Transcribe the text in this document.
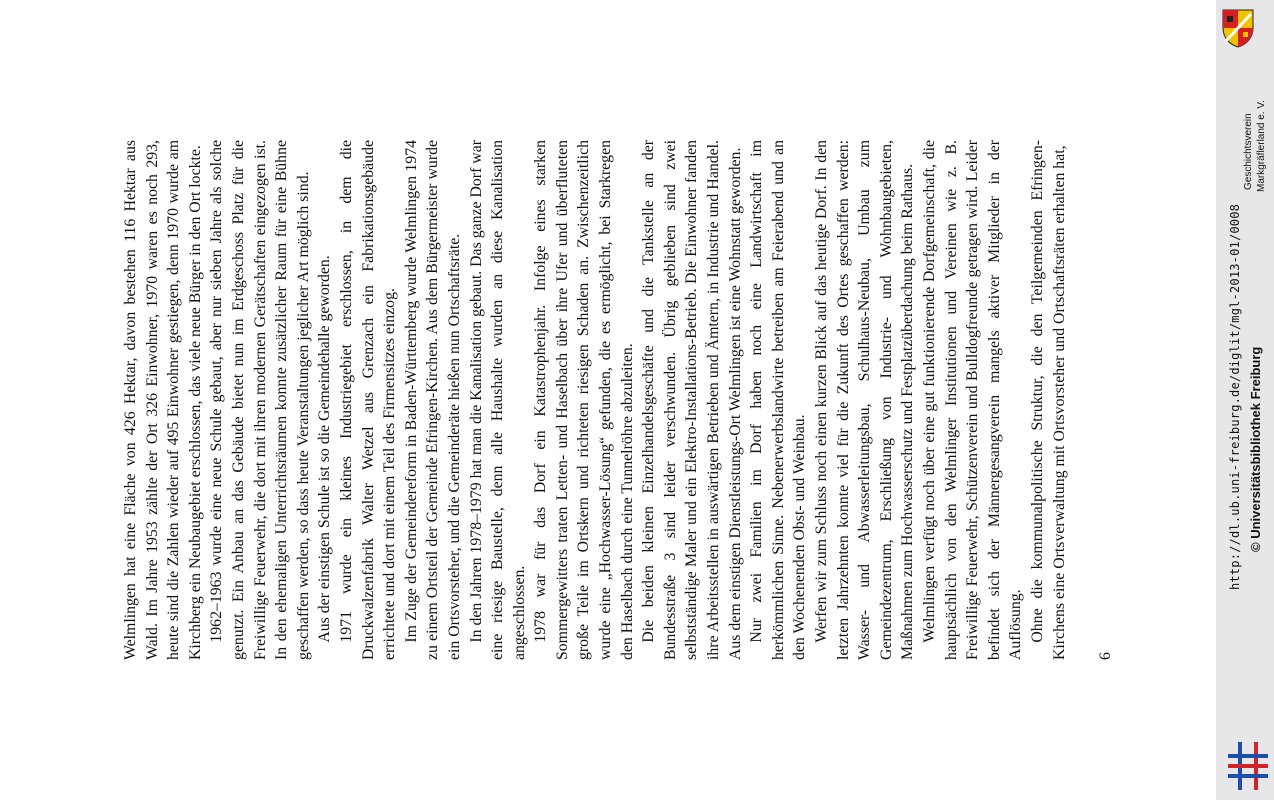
Welmlingen hat eine Fläche von 426 Hektar, davon bestehen 116 Hektar aus Wald. Im Jahre 1953 zählte der Ort 326 Einwohner, 1970 waren es noch 293, heute sind die Zahlen wieder auf 495 Einwohner gestiegen, denn 1970 wurde am Kirchberg ein Neubaugebiet erschlossen, das viele neue Bürger in den Ort lockte. 1962–1963 wurde eine neue Schule gebaut, aber nur sieben Jahre als solche genutzt. Ein Anbau an das Gebäude bietet nun im Erdgeschoss Platz für die Freiwillige Feuerwehr, die dort mit ihren modernen Gerätschaften eingezogen ist. In den ehemaligen Unterrichtsräumen konnte zusätzlicher Raum für eine Bühne geschaffen werden, so dass heute Veranstaltungen jeglicher Art möglich sind. Aus der einstigen Schule ist so die Gemeindehalle geworden. 1971 wurde ein kleines Industriegebiet erschlossen, in dem die Druckwalzenfabrik Walter Wetzel aus Grenzach ein Fabrikationsgebäude errichtete und dort mit einem Teil des Firmensitzes einzog. Im Zuge der Gemeindereform in Baden-Württemberg wurde Welmlingen 1974 zu einem Ortsteil der Gemeinde Efringen-Kirchen. Aus dem Bürgermeister wurde ein Ortsvorsteher, und die Gemeinderäte hießen nun Ortschaftsräte. In den Jahren 1978–1979 hat man die Kanalisation gebaut. Das ganze Dorf war eine riesige Baustelle, denn alle Haushalte wurden an diese Kanalisation angeschlossen. 1978 war für das Dorf ein Katastrophenjahr. Infolge eines starken Sommergewitters traten Letten- und Haselbach über ihre Ufer und überfluteten große Teile im Ortskern und richteten riesigen Schaden an. Zwischenzeitlich wurde eine „Hochwasser-Lösung“ gefunden, die es ermöglicht, bei Starkregen den Haselbach durch eine Tunnelröhre abzuleiten. Die beiden kleinen Einzelhandelsgeschäfte und die Tankstelle an der Bundesstraße 3 sind leider verschwunden. Übrig geblieben sind zwei selbstständige Maler und ein Elektro-Installations-Betrieb. Die Einwohner fanden ihre Arbeitsstellen in auswärtigen Betrieben und Ämtern, in Industrie und Handel. Aus dem einstigen Dienstleistungs-Ort Welmlingen ist eine Wohnstatt geworden. Nur zwei Familien im Dorf haben noch eine Landwirtschaft im herkömmlichen Sinne. Nebenerwerbslandwirte betreiben am Feierabend und an den Wochenenden Obst- und Weinbau. Werfen wir zum Schluss noch einen kurzen Blick auf das heutige Dorf. In den letzten Jahrzehnten konnte viel für die Zukunft des Ortes geschaffen werden: Wasser- und Abwasserleitungsbau, Schulhaus-Neubau, Umbau zum Gemeindezentrum, Erschließung von Industrie- und Wohnbaugebieten, Maßnahmen zum Hochwasserschutz und Festplatzüberdachung beim Rathaus. Welmlingen verfügt noch über eine gut funktionierende Dorfgemeinschaft, die hauptsächlich von den Welmlinger Institutionen und Vereinen wie z. B. Freiwillige Feuerwehr, Schützenverein und Bulldogfreunde getragen wird. Leider befindet sich der Männergesangverein mangels aktiver Mitglieder in der Auflösung. Ohne die kommunalpolitische Struktur, die den Teilgemeinden Efringen-Kirchens eine Ortsverwaltung mit Ortsvorsteher und Ortschaftsräten erhalten hat, 6
http://dl.ub.uni-freiburg.de/diglit/mgl-2013-01/0008 © Universitätsbibliothek Freiburg
Geschichtsverein Markgräflerland e. V.
